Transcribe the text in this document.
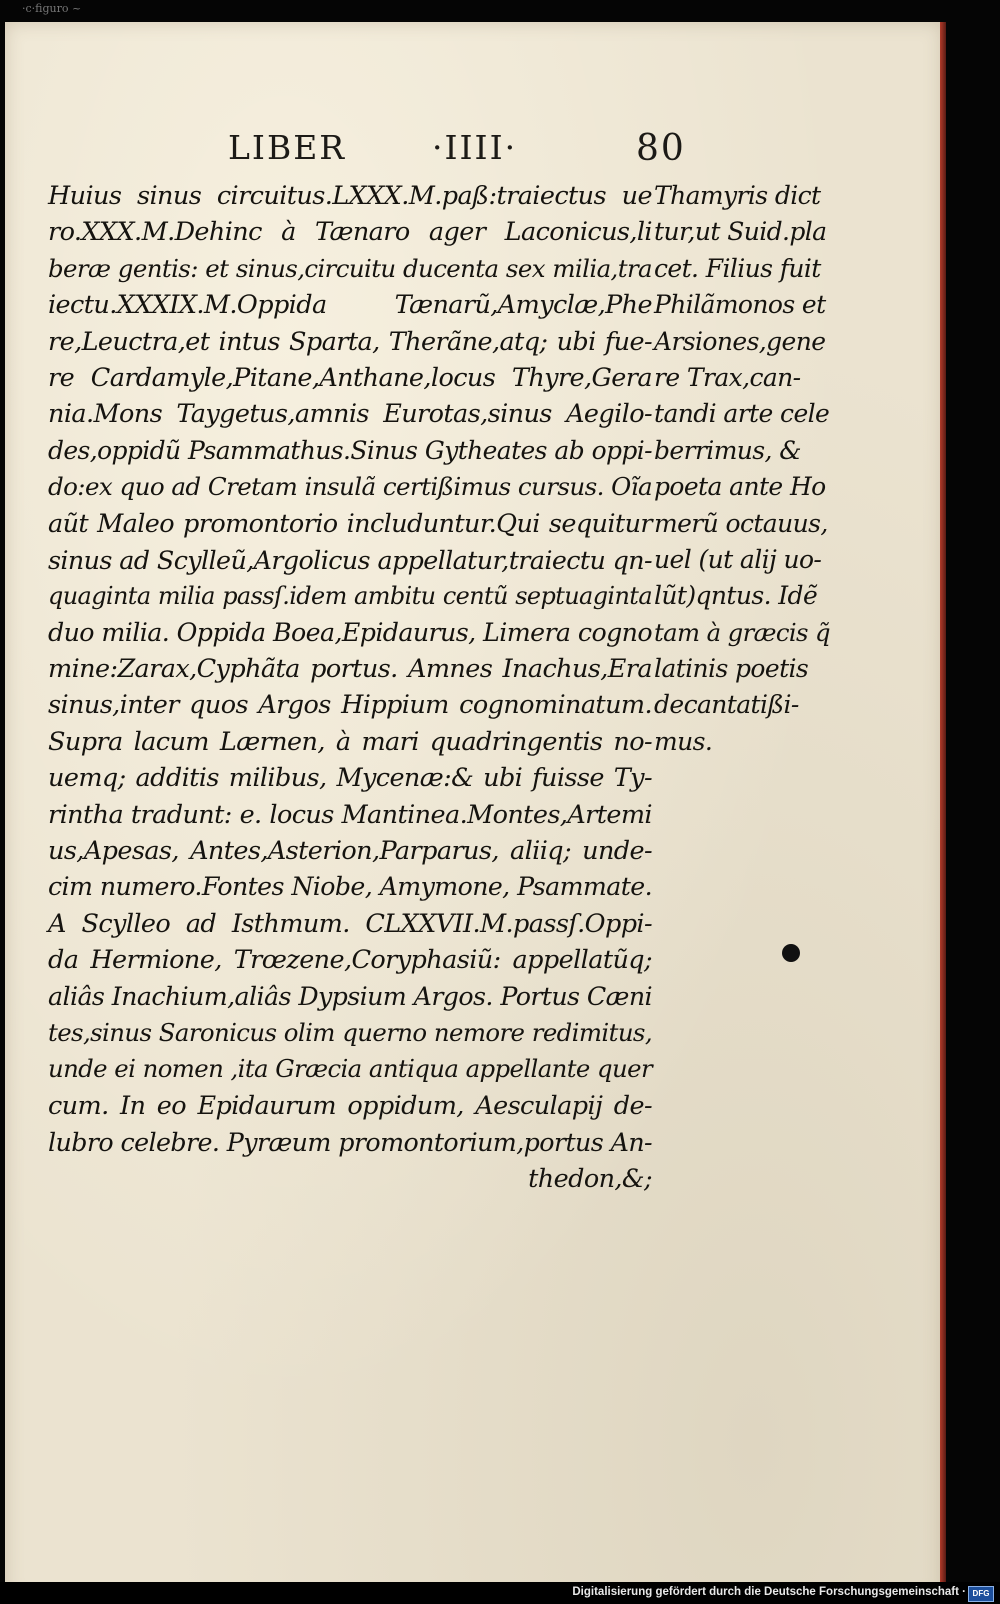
·c·figuro ~
LIBER	·IIII·	80
Huius sinus circuitus.LXXX.M.paß:traiectus ue
ro.XXX.M.Dehinc à Tænaro ager Laconicus,li
beræ gentis: et sinus,circuitu ducenta sex milia,tra
iectu.XXXIX.M.Oppida Tænarũ,Amyclæ,Phe
re,Leuctra,et intus Sparta, Therãne,atq; ubi fue-
re Cardamyle,Pitane,Anthane,locus Thyre,Gera
nia.Mons Taygetus,amnis Eurotas,sinus Aegilo-
des,oppidũ Psammathus.Sinus Gytheates ab oppi-
do:ex quo ad Cretam insulã certißimus cursus. Oĩa
aũt Maleo promontorio includuntur.Qui sequitur
sinus ad Scylleũ,Argolicus appellatur,traiectu qn-
quaginta milia passſ.idem ambitu centũ septuaginta
duo milia. Oppida Boea,Epidaurus, Limera cogno
mine:Zarax,Cyphãta portus. Amnes Inachus,Era
sinus,inter quos Argos Hippium cognominatum.
Supra lacum Lærnen, à mari quadringentis no-
uemq; additis milibus, Mycenæ:& ubi fuisse Ty-
rintha tradunt: e. locus Mantinea.Montes,Artemi
us,Apesas, Antes,Asterion,Parparus, aliiq; unde-
cim numero.Fontes Niobe, Amymone, Psammate.
A Scylleo ad Isthmum. CLXXVII.M.passſ.Oppi-
da Hermione, Trœzene,Coryphasiũ: appellatũq;
aliâs Inachium,aliâs Dypsium Argos. Portus Cæni
tes,sinus Saronicus olim querno nemore redimitus,
unde ei nomen ,ita Græcia antiqua appellante quer
cum. In eo Epidaurum oppidum, Aesculapij de-
lubro celebre. Pyræum promontorium,portus An-
thedon,&;
Thamyris dict
tur,ut Suid.pla
cet. Filius fuit
Philãmonos et
Arsiones,gene
re Trax,can-
tandi arte cele
berrimus, &
poeta ante Ho
merũ octauus,
uel (ut alij uo-
lũt)qntus. Idẽ
tam à græcis q̃
latinis poetis
decantatißi-
mus.
Digitalisierung gefördert durch die Deutsche Forschungsgemeinschaft · DFG
